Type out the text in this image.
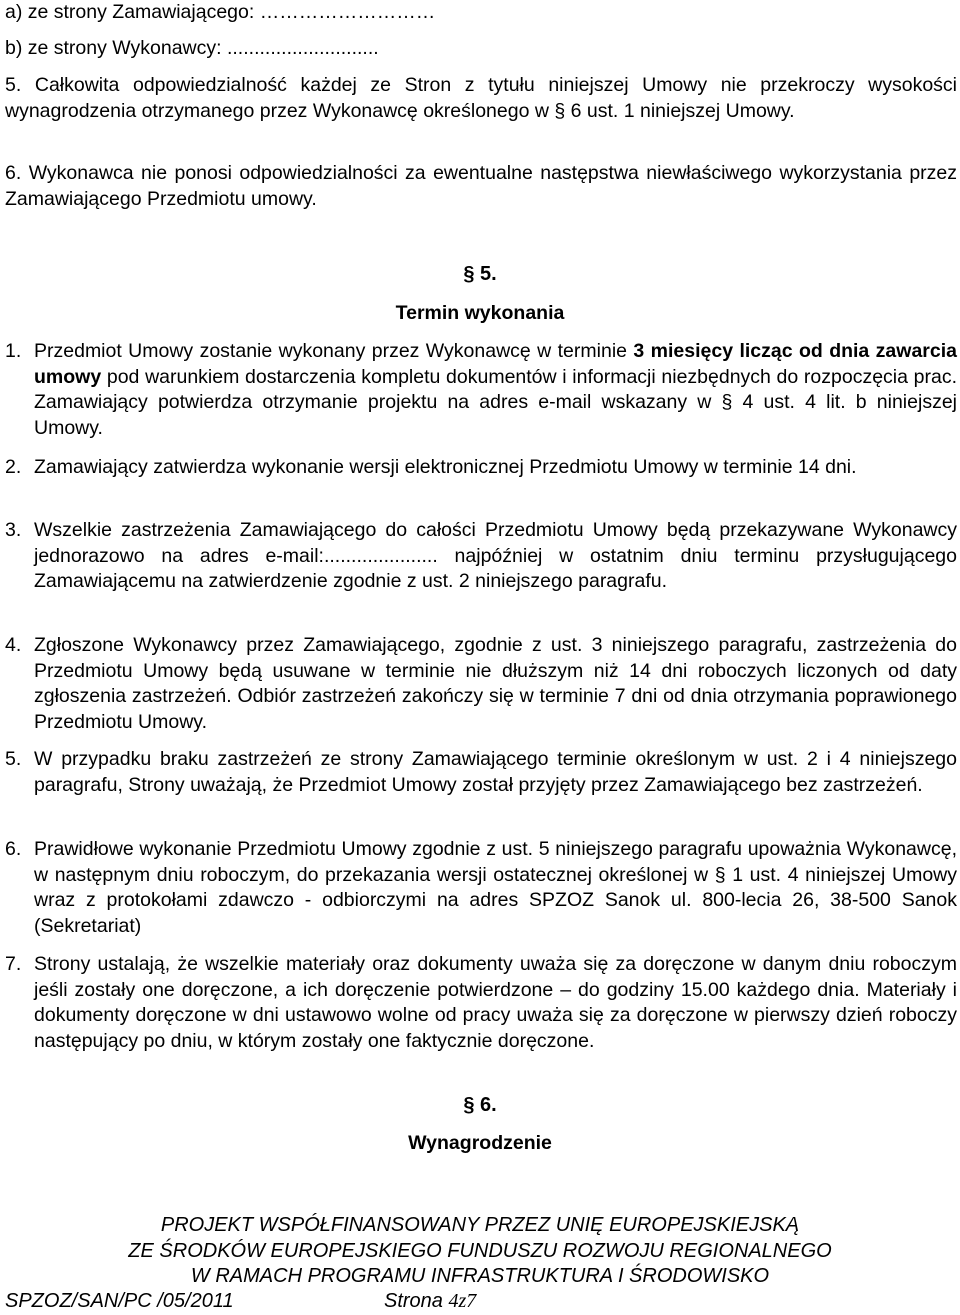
a) ze strony Zamawiającego: ………………………
b) ze strony Wykonawcy: ............................
5. Całkowita odpowiedzialność każdej ze Stron z tytułu niniejszej Umowy nie przekroczy wysokości wynagrodzenia otrzymanego przez Wykonawcę określonego w § 6 ust. 1 niniejszej Umowy.
6. Wykonawca nie ponosi odpowiedzialności za ewentualne następstwa niewłaściwego wykorzystania przez Zamawiającego Przedmiotu umowy.
§ 5.
Termin wykonania
1. Przedmiot Umowy zostanie wykonany przez Wykonawcę w terminie 3 miesięcy licząc od dnia zawarcia umowy pod warunkiem dostarczenia kompletu dokumentów i informacji niezbędnych do rozpoczęcia prac. Zamawiający potwierdza otrzymanie projektu na adres e-mail wskazany w § 4 ust. 4 lit. b niniejszej Umowy.
2. Zamawiający zatwierdza wykonanie wersji elektronicznej Przedmiotu Umowy w terminie 14 dni.
3. Wszelkie zastrzeżenia Zamawiającego do całości Przedmiotu Umowy będą przekazywane Wykonawcy jednorazowo na adres e-mail:..................... najpóźniej w ostatnim dniu terminu przysługującego Zamawiającemu na zatwierdzenie zgodnie z ust. 2 niniejszego paragrafu.
4. Zgłoszone Wykonawcy przez Zamawiającego, zgodnie z ust. 3 niniejszego paragrafu, zastrzeżenia do Przedmiotu Umowy będą usuwane w terminie nie dłuższym niż 14 dni roboczych liczonych od daty zgłoszenia zastrzeżeń. Odbiór zastrzeżeń zakończy się w terminie 7 dni od dnia otrzymania poprawionego Przedmiotu Umowy.
5. W przypadku braku zastrzeżeń ze strony Zamawiającego terminie określonym w ust. 2 i 4 niniejszego paragrafu, Strony uważają, że Przedmiot Umowy został przyjęty przez Zamawiającego bez zastrzeżeń.
6. Prawidłowe wykonanie Przedmiotu Umowy zgodnie z ust. 5 niniejszego paragrafu upoważnia Wykonawcę, w następnym dniu roboczym, do przekazania wersji ostatecznej określonej w § 1 ust. 4 niniejszej Umowy wraz z protokołami zdawczo - odbiorczymi na adres SPZOZ Sanok ul. 800-lecia 26, 38-500 Sanok (Sekretariat)
7. Strony ustalają, że wszelkie materiały oraz dokumenty uważa się za doręczone w danym dniu roboczym jeśli zostały one doręczone, a ich doręczenie potwierdzone – do godziny 15.00 każdego dnia. Materiały i dokumenty doręczone w dni ustawowo wolne od pracy uważa się za doręczone w pierwszy dzień roboczy następujący po dniu, w którym zostały one faktycznie doręczone.
§ 6.
Wynagrodzenie
PROJEKT WSPÓŁFINANSOWANY PRZEZ UNIĘ EUROPEJSKIEJSKĄ
ZE ŚRODKÓW EUROPEJSKIEGO FUNDUSZU ROZWOJU REGIONALNEGO
W RAMACH PROGRAMU INFRASTRUKTURA I ŚRODOWISKO
SPZOZ/SAN/PC /05/2011	Strona 4z7
